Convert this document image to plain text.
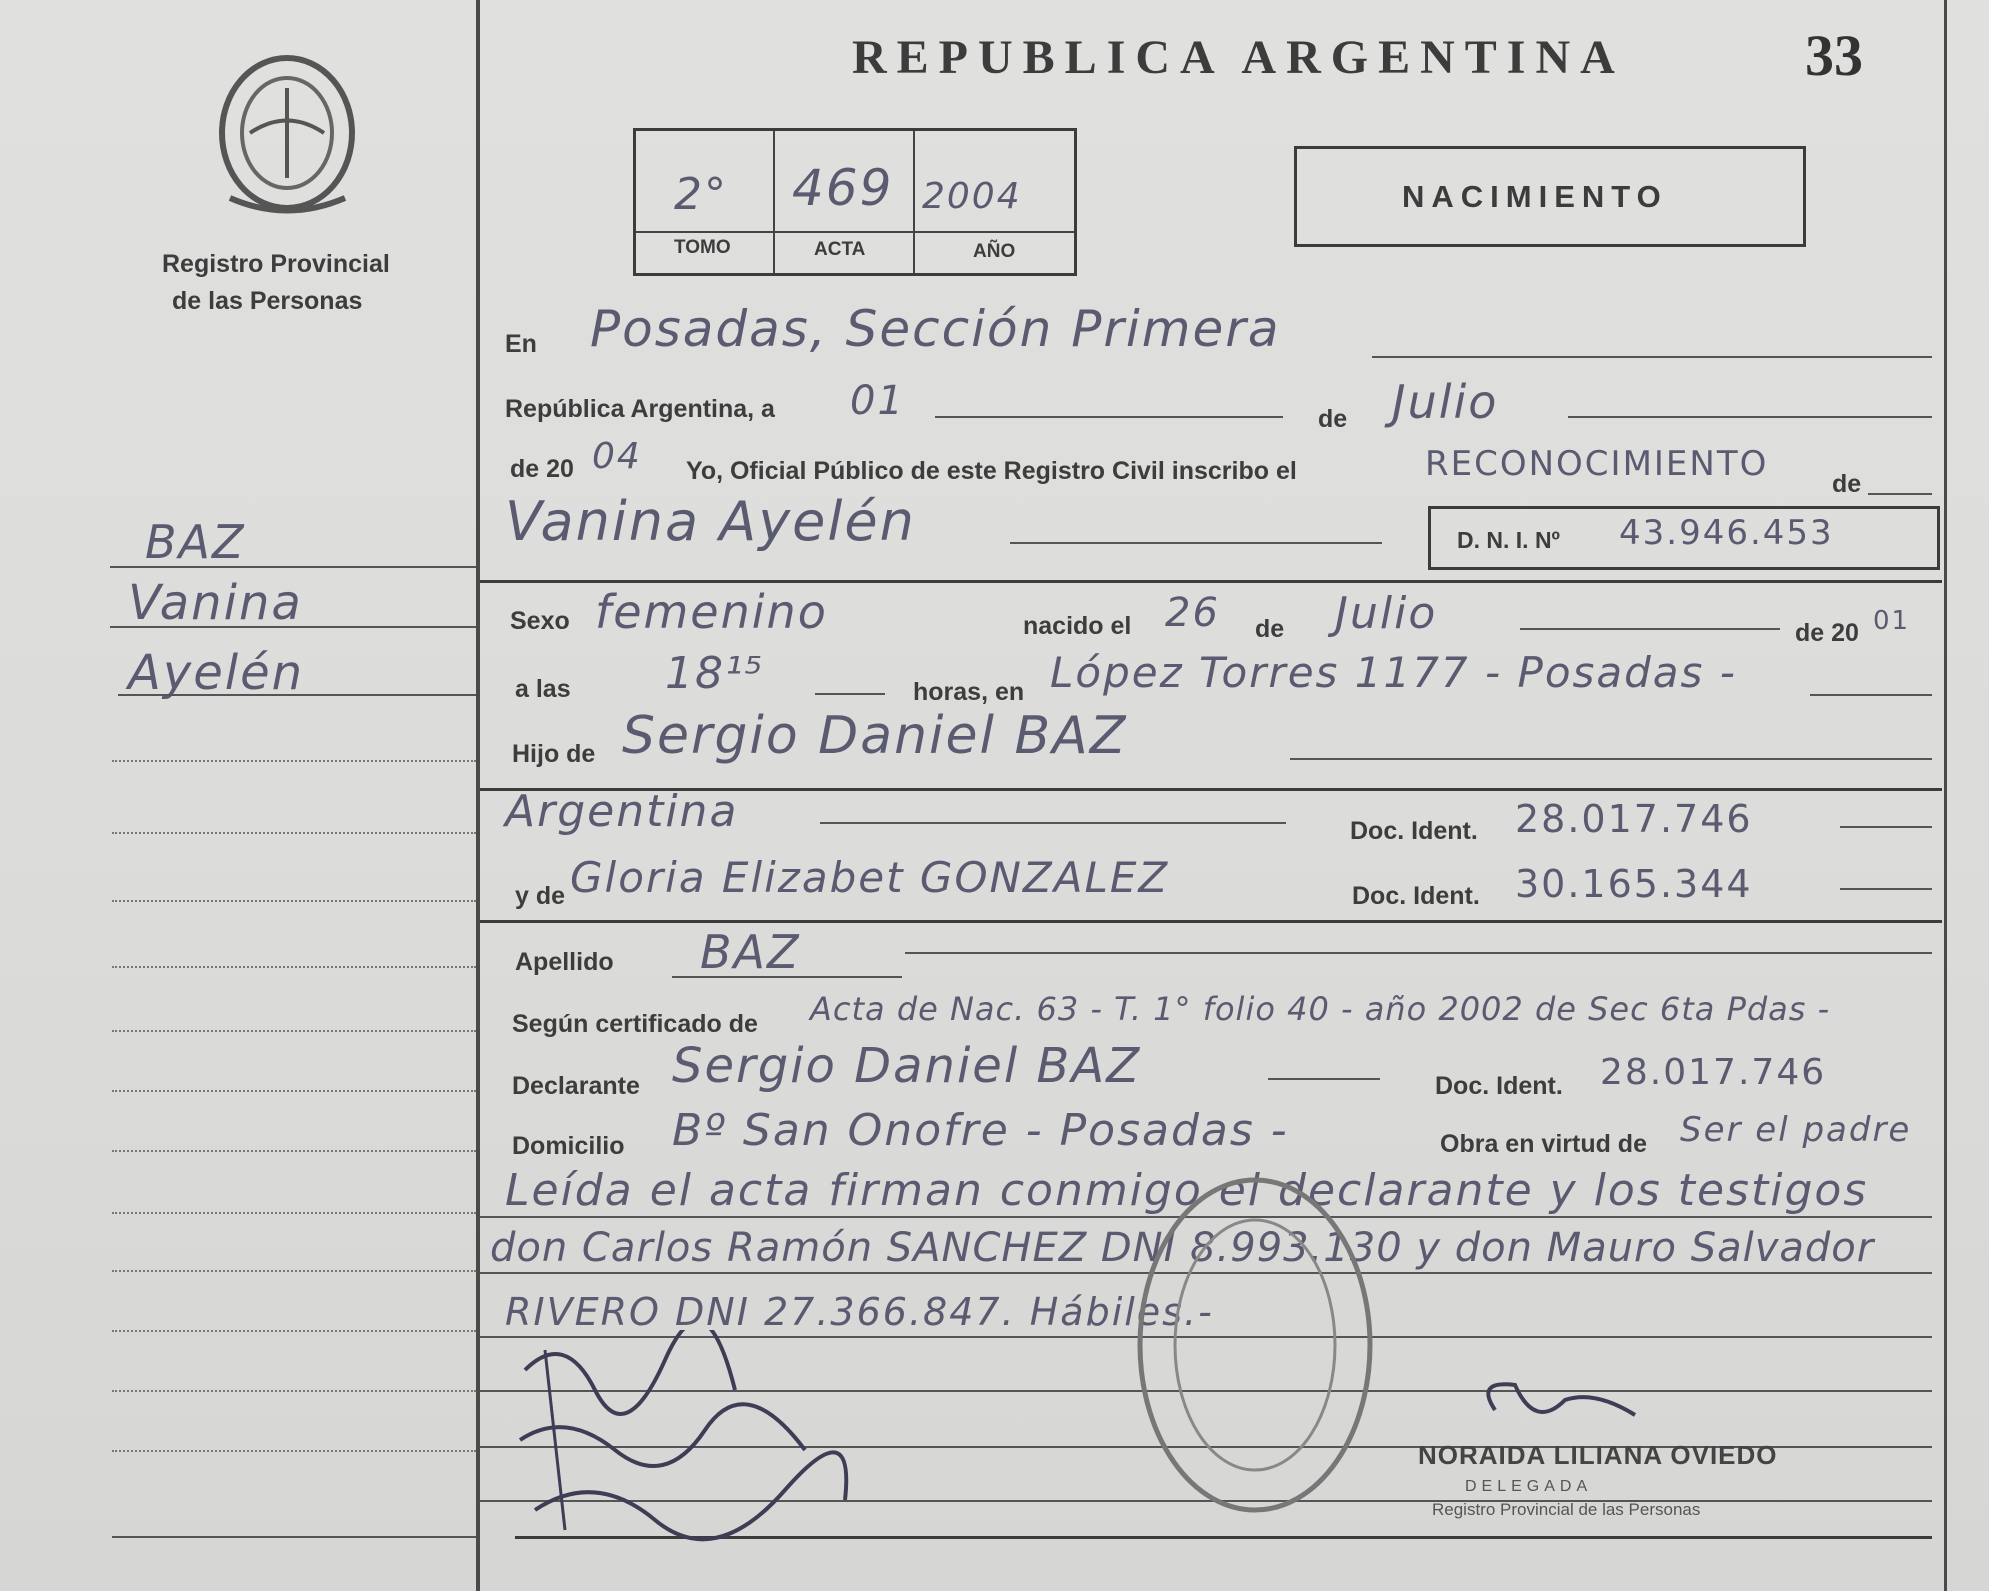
Registro Provincial
de las Personas
REPUBLICA ARGENTINA	33
2° 469 2004
TOMO	ACTA	AÑO
NACIMIENTO
BAZ
Vanina
Ayelén
En Posadas, Sección Primera
República Argentina, a 01	de Julio
de 20 04 Yo, Oficial Público de este Registro Civil inscribo el	RECONOCIMIENTO	de
Vanina Ayelén	D. N. I. Nº 43.946.453
Sexo femenino	nacido el 26 de Julio	de 20 01
a las 18¹⁵	horas, en López Torres 1177 - Posadas -
Hijo de Sergio Daniel BAZ
Argentina	Doc. Ident. 28.017.746
y de Gloria Elizabet GONZALEZ	Doc. Ident. 30.165.344
Apellido BAZ
Según certificado de Acta de Nac. 63 - T. 1° folio 40 - año 2002 de Sec 6ta Pdas -
Declarante Sergio Daniel BAZ	Doc. Ident. 28.017.746
Domicilio Bº San Onofre - Posadas -	Obra en virtud de Ser el padre
Leída el acta firman conmigo el declarante y los testigos
don Carlos Ramón SANCHEZ DNI 8.993.130 y don Mauro Salvador
RIVERO DNI 27.366.847. Hábiles.-
NORAIDA LILIANA OVIEDO
DELEGADA
Registro Provincial de las Personas
